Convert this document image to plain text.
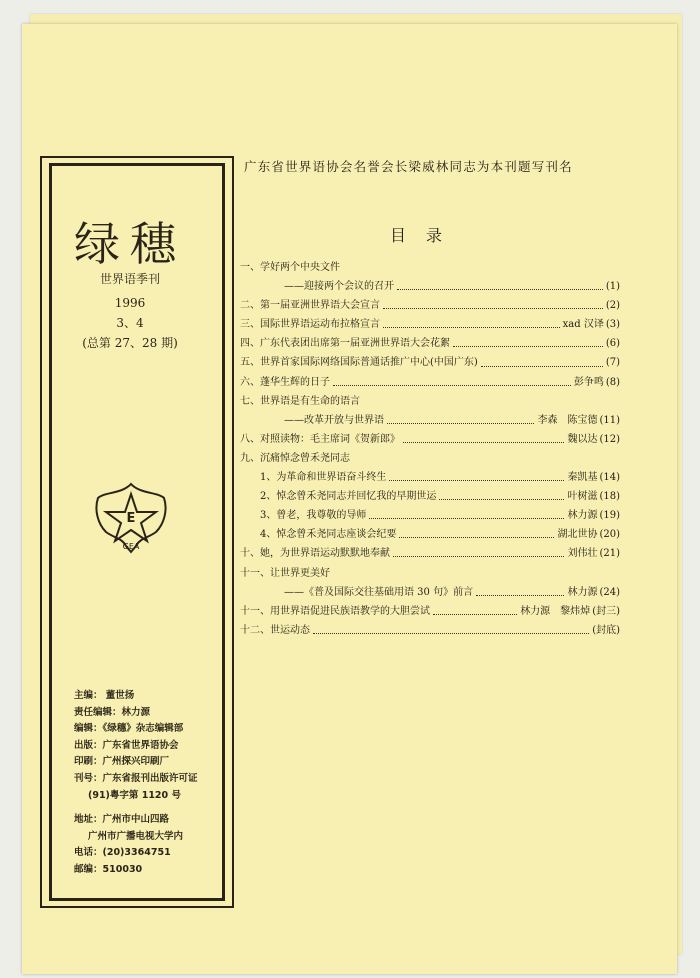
绿穗
世界语季刊
1996
3、4
(总第 27、28 期)
E
GEA
主编： 董世扬
责任编辑：林力源
编辑：《绿穗》杂志编辑部
出版：广东省世界语协会
印刷：广州探兴印刷厂
刊号：广东省报刊出版许可证
(91)粤字第 1120 号
地址：广州市中山四路
广州市广播电视大学内
电话：(20)3364751
邮编：510030
广东省世界语协会名誉会长梁威林同志为本刊题写刊名
目录
一、学好两个中央文件
——迎接两个会议的召开	(1)
二、第一届亚洲世界语大会宣言	(2)
三、国际世界语运动布拉格宣言	xad 汉译 (3)
四、广东代表团出席第一届亚洲世界语大会花絮	(6)
五、世界首家国际网络国际普通话推广中心(中国广东)	(7)
六、蓬华生辉的日子	彭争鸣 (8)
七、世界语是有生命的语言
——改革开放与世界语	李森　陈宝德 (11)
八、对照读物：毛主席词《贺新郎》	魏以达 (12)
九、沉痛悼念曾禾尧同志
1、为革命和世界语奋斗终生	秦凯基 (14)
2、悼念曾禾尧同志并回忆我的早期世运	叶树滋 (18)
3、曾老，我尊敬的导师	林力源 (19)
4、悼念曾禾尧同志座谈会纪要	湖北世协 (20)
十、她，为世界语运动默默地奉献	刘伟壮 (21)
十一、让世界更美好
——《普及国际交往基础用语 30 句》前言	林力源 (24)
十一、用世界语促进民族语教学的大胆尝试	林力源　黎炜焯 (封三)
十二、世运动态	(封底)
